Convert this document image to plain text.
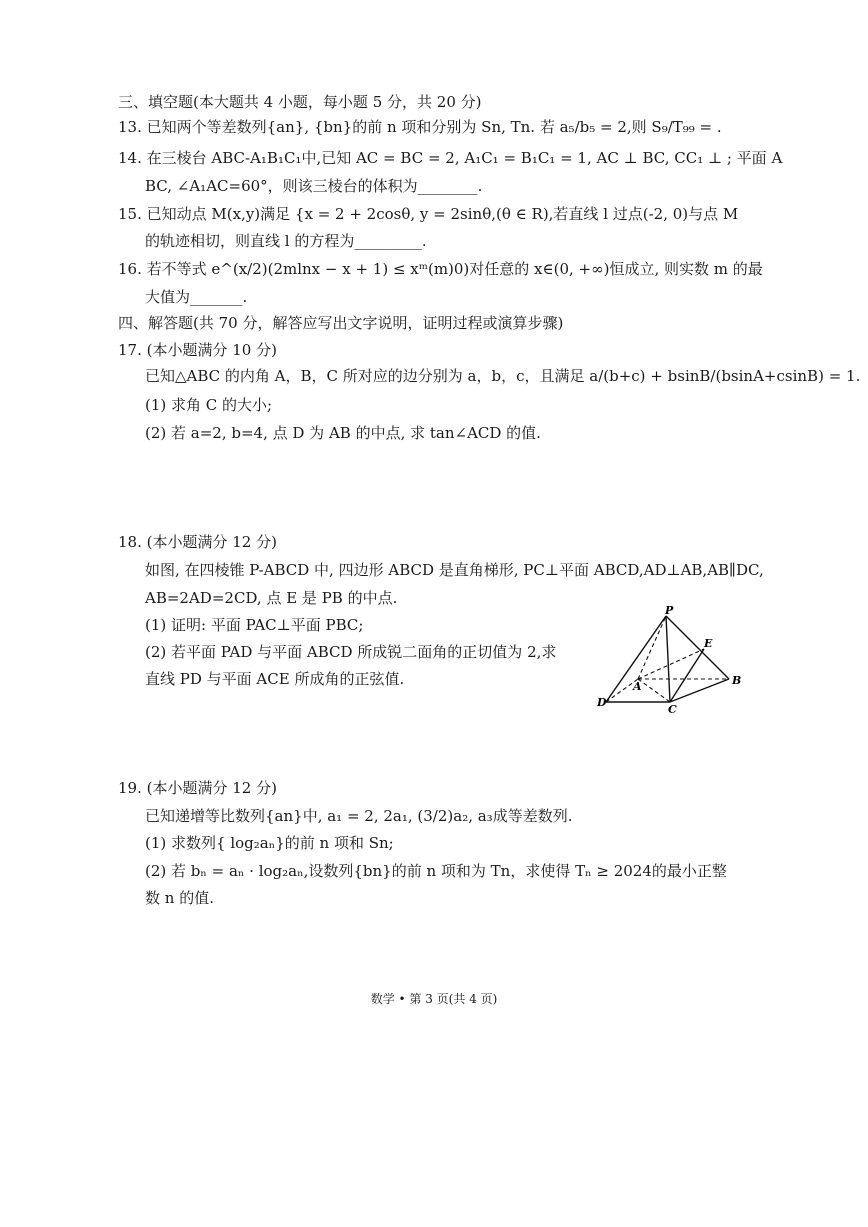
三、填空题(本大题共 4 小题，每小题 5 分，共 20 分)
13. 已知两个等差数列{an}, {bn}的前 n 项和分别为 Sn, Tn. 若 a₅/b₅ = 2,则 S₉/T₉₉ = .
14. 在三棱台 ABC-A₁B₁C₁中,已知 AC = BC = 2, A₁C₁ = B₁C₁ = 1, AC ⊥ BC, CC₁ ⊥ ; 平面 A
BC, ∠A₁AC=60°，则该三棱台的体积为________.
15. 已知动点 M(x,y)满足 {x = 2 + 2cosθ, y = 2sinθ,(θ ∈ R),若直线 l 过点(-2, 0)与点 M
的轨迹相切，则直线 l 的方程为_________.
16. 若不等式 e^(x/2)(2mlnx − x + 1) ≤ xᵐ(m)0)对任意的 x∈(0, +∞)恒成立, 则实数 m 的最
大值为_______.
四、解答题(共 70 分，解答应写出文字说明，证明过程或演算步骤)
17. (本小题满分 10 分)
已知△ABC 的内角 A，B，C 所对应的边分别为 a，b，c，且满足 a/(b+c) + bsinB/(bsinA+csinB) = 1.
(1) 求角 C 的大小;
(2) 若 a=2, b=4, 点 D 为 AB 的中点, 求 tan∠ACD 的值.
18. (本小题满分 12 分)
如图, 在四棱锥 P-ABCD 中, 四边形 ABCD 是直角梯形, PC⊥平面 ABCD,AD⊥AB,AB∥DC,
AB=2AD=2CD, 点 E 是 PB 的中点.
(1) 证明: 平面 PAC⊥平面 PBC;
(2) 若平面 PAD 与平面 ABCD 所成锐二面角的正切值为 2,求
直线 PD 与平面 ACE 所成角的正弦值.
P
E
A	B
C
D
19. (本小题满分 12 分)
已知递增等比数列{an}中, a₁ = 2, 2a₁, (3/2)a₂, a₃成等差数列.
(1) 求数列{ log₂aₙ}的前 n 项和 Sn;
(2) 若 bₙ = aₙ · log₂aₙ,设数列{bn}的前 n 项和为 Tn，求使得 Tₙ ≥ 2024的最小正整
数 n 的值.
数学 • 第 3 页(共 4 页)
